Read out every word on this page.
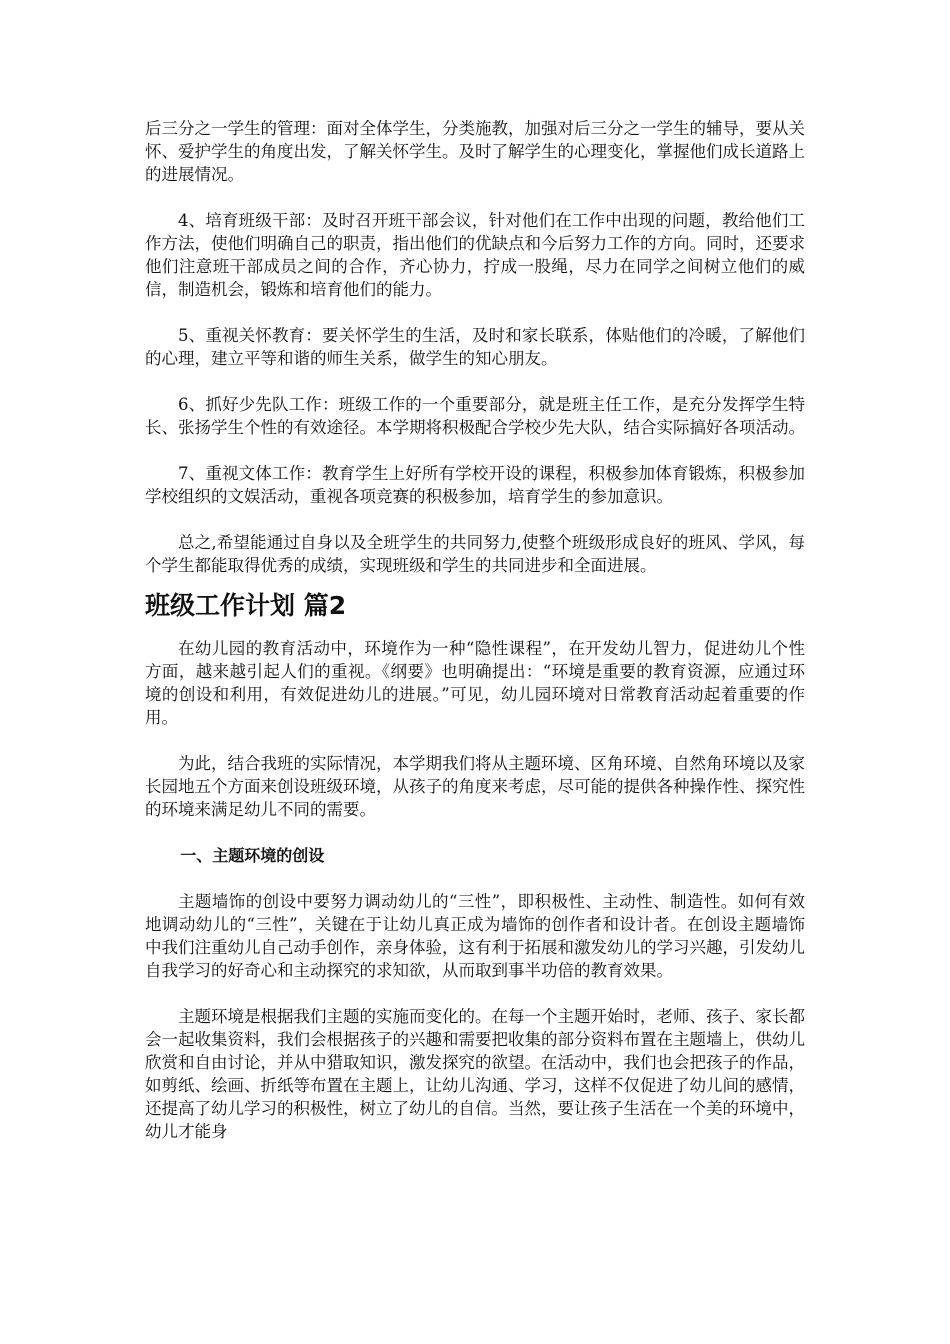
后三分之一学生的管理：面对全体学生，分类施教，加强对后三分之一学生的辅导，要从关怀、爱护学生的角度出发，了解关怀学生。及时了解学生的心理变化，掌握他们成长道路上的进展情况。

4、培育班级干部：及时召开班干部会议，针对他们在工作中出现的问题，教给他们工作方法，使他们明确自己的职责，指出他们的优缺点和今后努力工作的方向。同时，还要求他们注意班干部成员之间的合作，齐心协力，拧成一股绳，尽力在同学之间树立他们的威信，制造机会，锻炼和培育他们的能力。

5、重视关怀教育：要关怀学生的生活，及时和家长联系，体贴他们的冷暖，了解他们的心理，建立平等和谐的师生关系，做学生的知心朋友。

6、抓好少先队工作：班级工作的一个重要部分，就是班主任工作，是充分发挥学生特长、张扬学生个性的有效途径。本学期将积极配合学校少先大队，结合实际搞好各项活动。

7、重视文体工作：教育学生上好所有学校开设的课程，积极参加体育锻炼，积极参加学校组织的文娱活动，重视各项竞赛的积极参加，培育学生的参加意识。

总之,希望能通过自身以及全班学生的共同努力,使整个班级形成良好的班风、学风，每个学生都能取得优秀的成绩，实现班级和学生的共同进步和全面进展。

班级工作计划 篇2

在幼儿园的教育活动中，环境作为一种“隐性课程”，在开发幼儿智力，促进幼儿个性方面，越来越引起人们的重视。《纲要》也明确提出：“环境是重要的教育资源，应通过环境的创设和利用，有效促进幼儿的进展。”可见，幼儿园环境对日常教育活动起着重要的作用。

为此，结合我班的实际情况，本学期我们将从主题环境、区角环境、自然角环境以及家长园地五个方面来创设班级环境，从孩子的角度来考虑，尽可能的提供各种操作性、探究性的环境来满足幼儿不同的需要。

一、主题环境的创设

主题墙饰的创设中要努力调动幼儿的“三性”，即积极性、主动性、制造性。如何有效地调动幼儿的“三性”，关键在于让幼儿真正成为墙饰的创作者和设计者。在创设主题墙饰中我们注重幼儿自己动手创作，亲身体验，这有利于拓展和激发幼儿的学习兴趣，引发幼儿自我学习的好奇心和主动探究的求知欲，从而取到事半功倍的教育效果。

主题环境是根据我们主题的实施而变化的。在每一个主题开始时，老师、孩子、家长都会一起收集资料，我们会根据孩子的兴趣和需要把收集的部分资料布置在主题墙上，供幼儿欣赏和自由讨论，并从中猎取知识，激发探究的欲望。在活动中，我们也会把孩子的作品，如剪纸、绘画、折纸等布置在主题上，让幼儿沟通、学习，这样不仅促进了幼儿间的感情，还提高了幼儿学习的积极性，树立了幼儿的自信。当然，要让孩子生活在一个美的环境中，幼儿才能身
